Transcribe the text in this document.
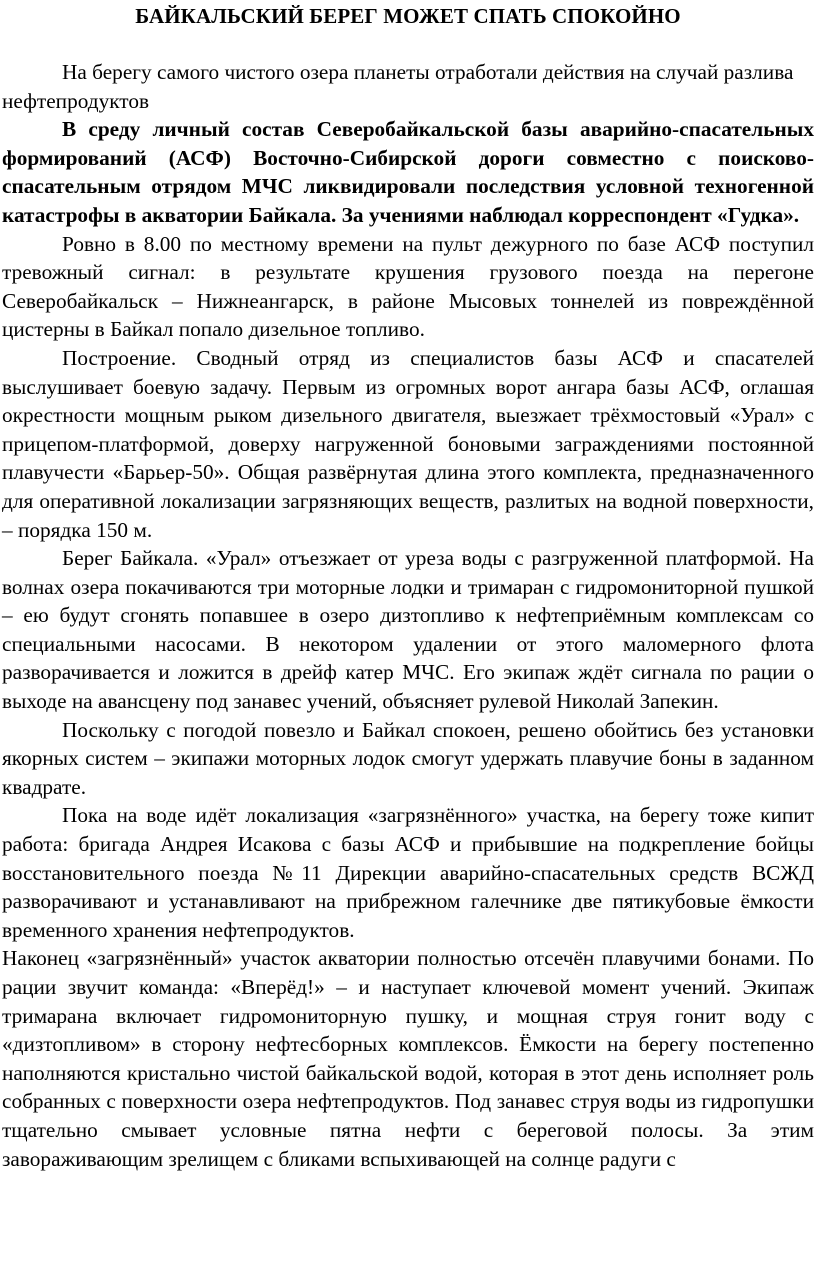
БАЙКАЛЬСКИЙ БЕРЕГ МОЖЕТ СПАТЬ СПОКОЙНО

На берегу самого чистого озера планеты отработали действия на случай разлива нефтепродуктов

В среду личный состав Северобайкальской базы аварийно-спасательных формирований (АСФ) Восточно-Сибирской дороги совместно с поисково-спасательным отрядом МЧС ликвидировали последствия условной техногенной катастрофы в акватории Байкала. За учениями наблюдал корреспондент «Гудка».

Ровно в 8.00 по местному времени на пульт дежурного по базе АСФ поступил тревожный сигнал: в результате крушения грузового поезда на перегоне Северобайкальск – Нижнеангарск, в районе Мысовых тоннелей из повреждённой цистерны в Байкал попало дизельное топливо.

Построение. Сводный отряд из специалистов базы АСФ и спасателей выслушивает боевую задачу. Первым из огромных ворот ангара базы АСФ, оглашая окрестности мощным рыком дизельного двигателя, выезжает трёхмостовый «Урал» с прицепом-платформой, доверху нагруженной боновыми заграждениями постоянной плавучести «Барьер-50». Общая развёрнутая длина этого комплекта, предназначенного для оперативной локализации загрязняющих веществ, разлитых на водной поверхности, – порядка 150 м.

Берег Байкала. «Урал» отъезжает от уреза воды с разгруженной платформой. На волнах озера покачиваются три моторные лодки и тримаран с гидромониторной пушкой – ею будут сгонять попавшее в озеро дизтопливо к нефтеприёмным комплексам со специальными насосами. В некотором удалении от этого маломерного флота разворачивается и ложится в дрейф катер МЧС. Его экипаж ждёт сигнала по рации о выходе на авансцену под занавес учений, объясняет рулевой Николай Запекин.

Поскольку с погодой повезло и Байкал спокоен, решено обойтись без установки якорных систем – экипажи моторных лодок смогут удержать плавучие боны в заданном квадрате.

Пока на воде идёт локализация «загрязнённого» участка, на берегу тоже кипит работа: бригада Андрея Исакова с базы АСФ и прибывшие на подкрепление бойцы восстановительного поезда №11 Дирекции аварийно-спасательных средств ВСЖД разворачивают и устанавливают на прибрежном галечнике две пятикубовые ёмкости временного хранения нефтепродуктов.

Наконец «загрязнённый» участок акватории полностью отсечён плавучими бонами. По рации звучит команда: «Вперёд!» – и наступает ключевой момент учений. Экипаж тримарана включает гидромониторную пушку, и мощная струя гонит воду с «дизтопливом» в сторону нефтесборных комплексов. Ёмкости на берегу постепенно наполняются кристально чистой байкальской водой, которая в этот день исполняет роль собранных с поверхности озера нефтепродуктов. Под занавес струя воды из гидропушки тщательно смывает условные пятна нефти с береговой полосы. За этим завораживающим зрелищем с бликами вспыхивающей на солнце радуги с
